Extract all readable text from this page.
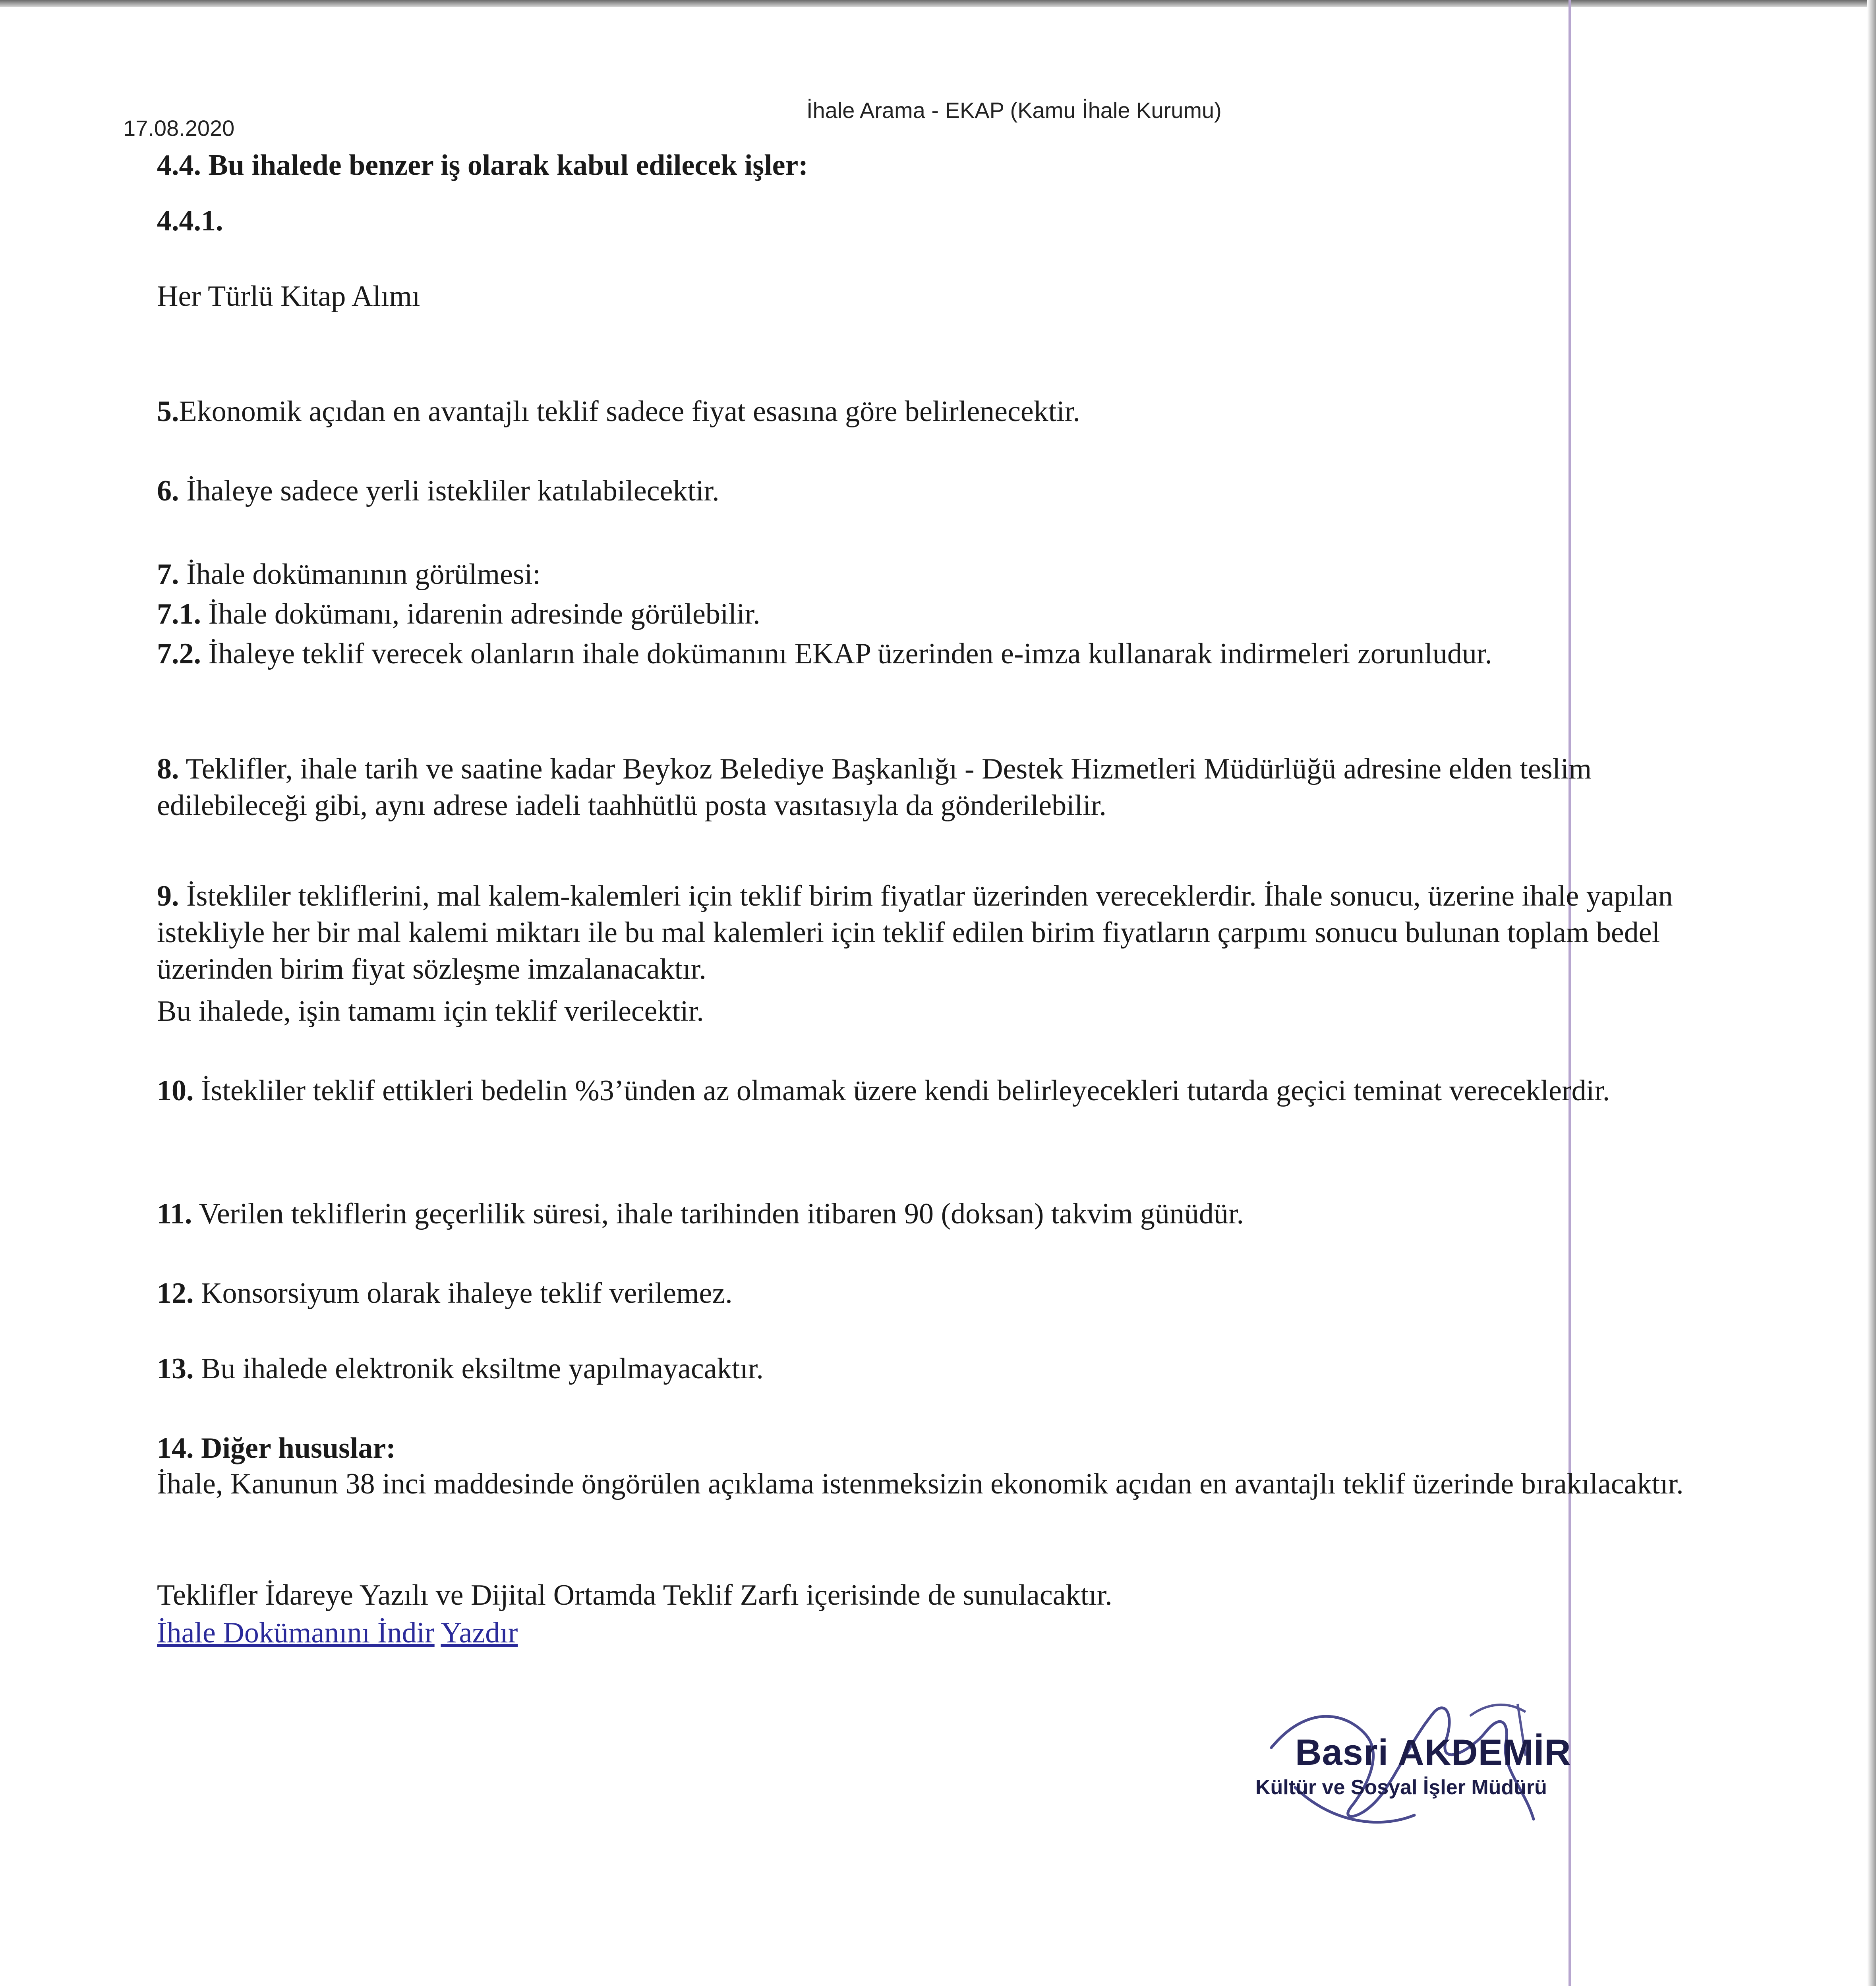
17.08.2020
İhale Arama - EKAP (Kamu İhale Kurumu)

4.4. Bu ihalede benzer iş olarak kabul edilecek işler:

4.4.1.

Her Türlü Kitap Alımı

5.Ekonomik açıdan en avantajlı teklif sadece fiyat esasına göre belirlenecektir.

6. İhaleye sadece yerli istekliler katılabilecektir.

7. İhale dokümanının görülmesi:

7.1. İhale dokümanı, idarenin adresinde görülebilir.

7.2. İhaleye teklif verecek olanların ihale dokümanını EKAP üzerinden e-imza kullanarak indirmeleri zorunludur.

8. Teklifler, ihale tarih ve saatine kadar Beykoz Belediye Başkanlığı - Destek Hizmetleri Müdürlüğü adresine elden teslim edilebileceği gibi, aynı adrese iadeli taahhütlü posta vasıtasıyla da gönderilebilir.

9. İstekliler tekliflerini, mal kalem-kalemleri için teklif birim fiyatlar üzerinden vereceklerdir. İhale sonucu, üzerine ihale yapılan istekliyle her bir mal kalemi miktarı ile bu mal kalemleri için teklif edilen birim fiyatların çarpımı sonucu bulunan toplam bedel üzerinden birim fiyat sözleşme imzalanacaktır.

Bu ihalede, işin tamamı için teklif verilecektir.

10. İstekliler teklif ettikleri bedelin %3’ünden az olmamak üzere kendi belirleyecekleri tutarda geçici teminat vereceklerdir.

11. Verilen tekliflerin geçerlilik süresi, ihale tarihinden itibaren 90 (doksan) takvim günüdür.

12. Konsorsiyum olarak ihaleye teklif verilemez.

13. Bu ihalede elektronik eksiltme yapılmayacaktır.

14. Diğer hususlar:

İhale, Kanunun 38 inci maddesinde öngörülen açıklama istenmeksizin ekonomik açıdan en avantajlı teklif üzerinde bırakılacaktır.

Teklifler İdareye Yazılı ve Dijital Ortamda Teklif Zarfı içerisinde de sunulacaktır.

İhale Dokümanını İndir Yazdır

Basri AKDEMİR
Kültür ve Sosyal İşler Müdürü
